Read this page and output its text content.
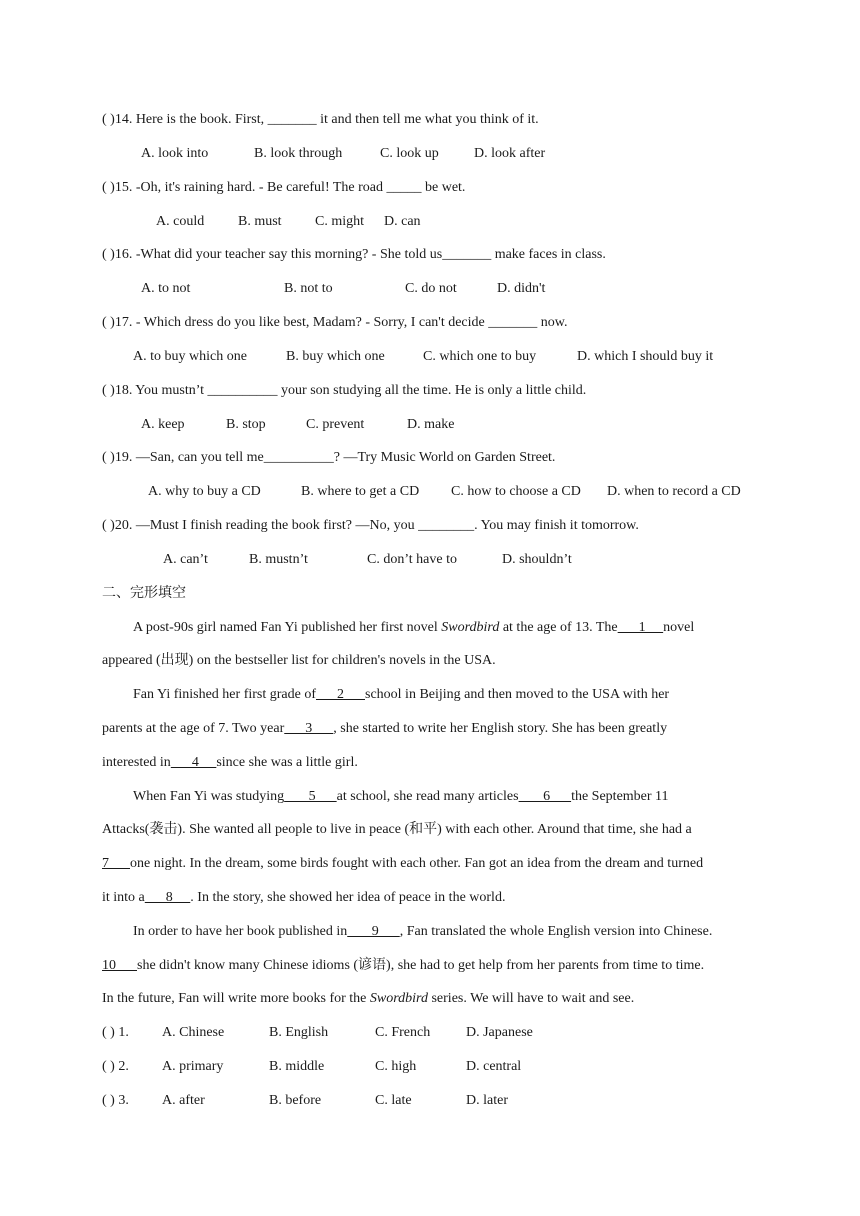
( )14. Here is the book. First, _______ it and then tell me what you think of it.
A. look into	B. look through	C. look up	D. look after
( )15. -Oh, it's raining hard. - Be careful! The road _____ be wet.
A. could B. must C. might D. can
( )16. -What did your teacher say this morning? - She told us_______ make faces in class.
A. to not	B. not to	C. do not	D. didn't
( )17. - Which dress do you like best, Madam? - Sorry, I can't decide _______ now.
A. to buy which one	B. buy which one	C. which one to buy	D. which I should buy it
( )18. You mustn’t __________ your son studying all the time. He is only a little child.
A. keep	B. stop	C. prevent	D. make
( )19. —San, can you tell me__________? —Try Music World on Garden Street.
A. why to buy a CD	B. where to get a CD C. how to choose a CD D. when to record a CD
( )20. —Must I finish reading the book first? —No, you ________. You may finish it tomorrow.
A. can’t	B. mustn’t	C. don’t have to	D. shouldn’t
二、完形填空
A post-90s girl named Fan Yi published her first novel Swordbird at the age of 13. The      1     novel
appeared (出现) on the bestseller list for children's novels in the USA.
Fan Yi finished her first grade of      2      school in Beijing and then moved to the USA with her
parents at the age of 7. Two year      3      , she started to write her English story. She has been greatly
interested in      4     since she was a little girl.
When Fan Yi was studying       5      at school, she read many articles       6      the September 11
Attacks(袭击). She wanted all people to live in peace (和平) with each other. Around that time, she had a
7      one night. In the dream, some birds fought with each other. Fan got an idea from the dream and turned
it into a      8     . In the story, she showed her idea of peace in the world.
In order to have her book published in       9      , Fan translated the whole English version into Chinese.
10      she didn't know many Chinese idioms (谚语), she had to get help from her parents from time to time.
In the future, Fan will write more books for the Swordbird series. We will have to wait and see.
( ) 1. A. Chinese	B. English	C. French	D. Japanese
( ) 2. A. primary	B. middle	C. high	D. central
( ) 3. A. after	B. before	C. late	D. later
